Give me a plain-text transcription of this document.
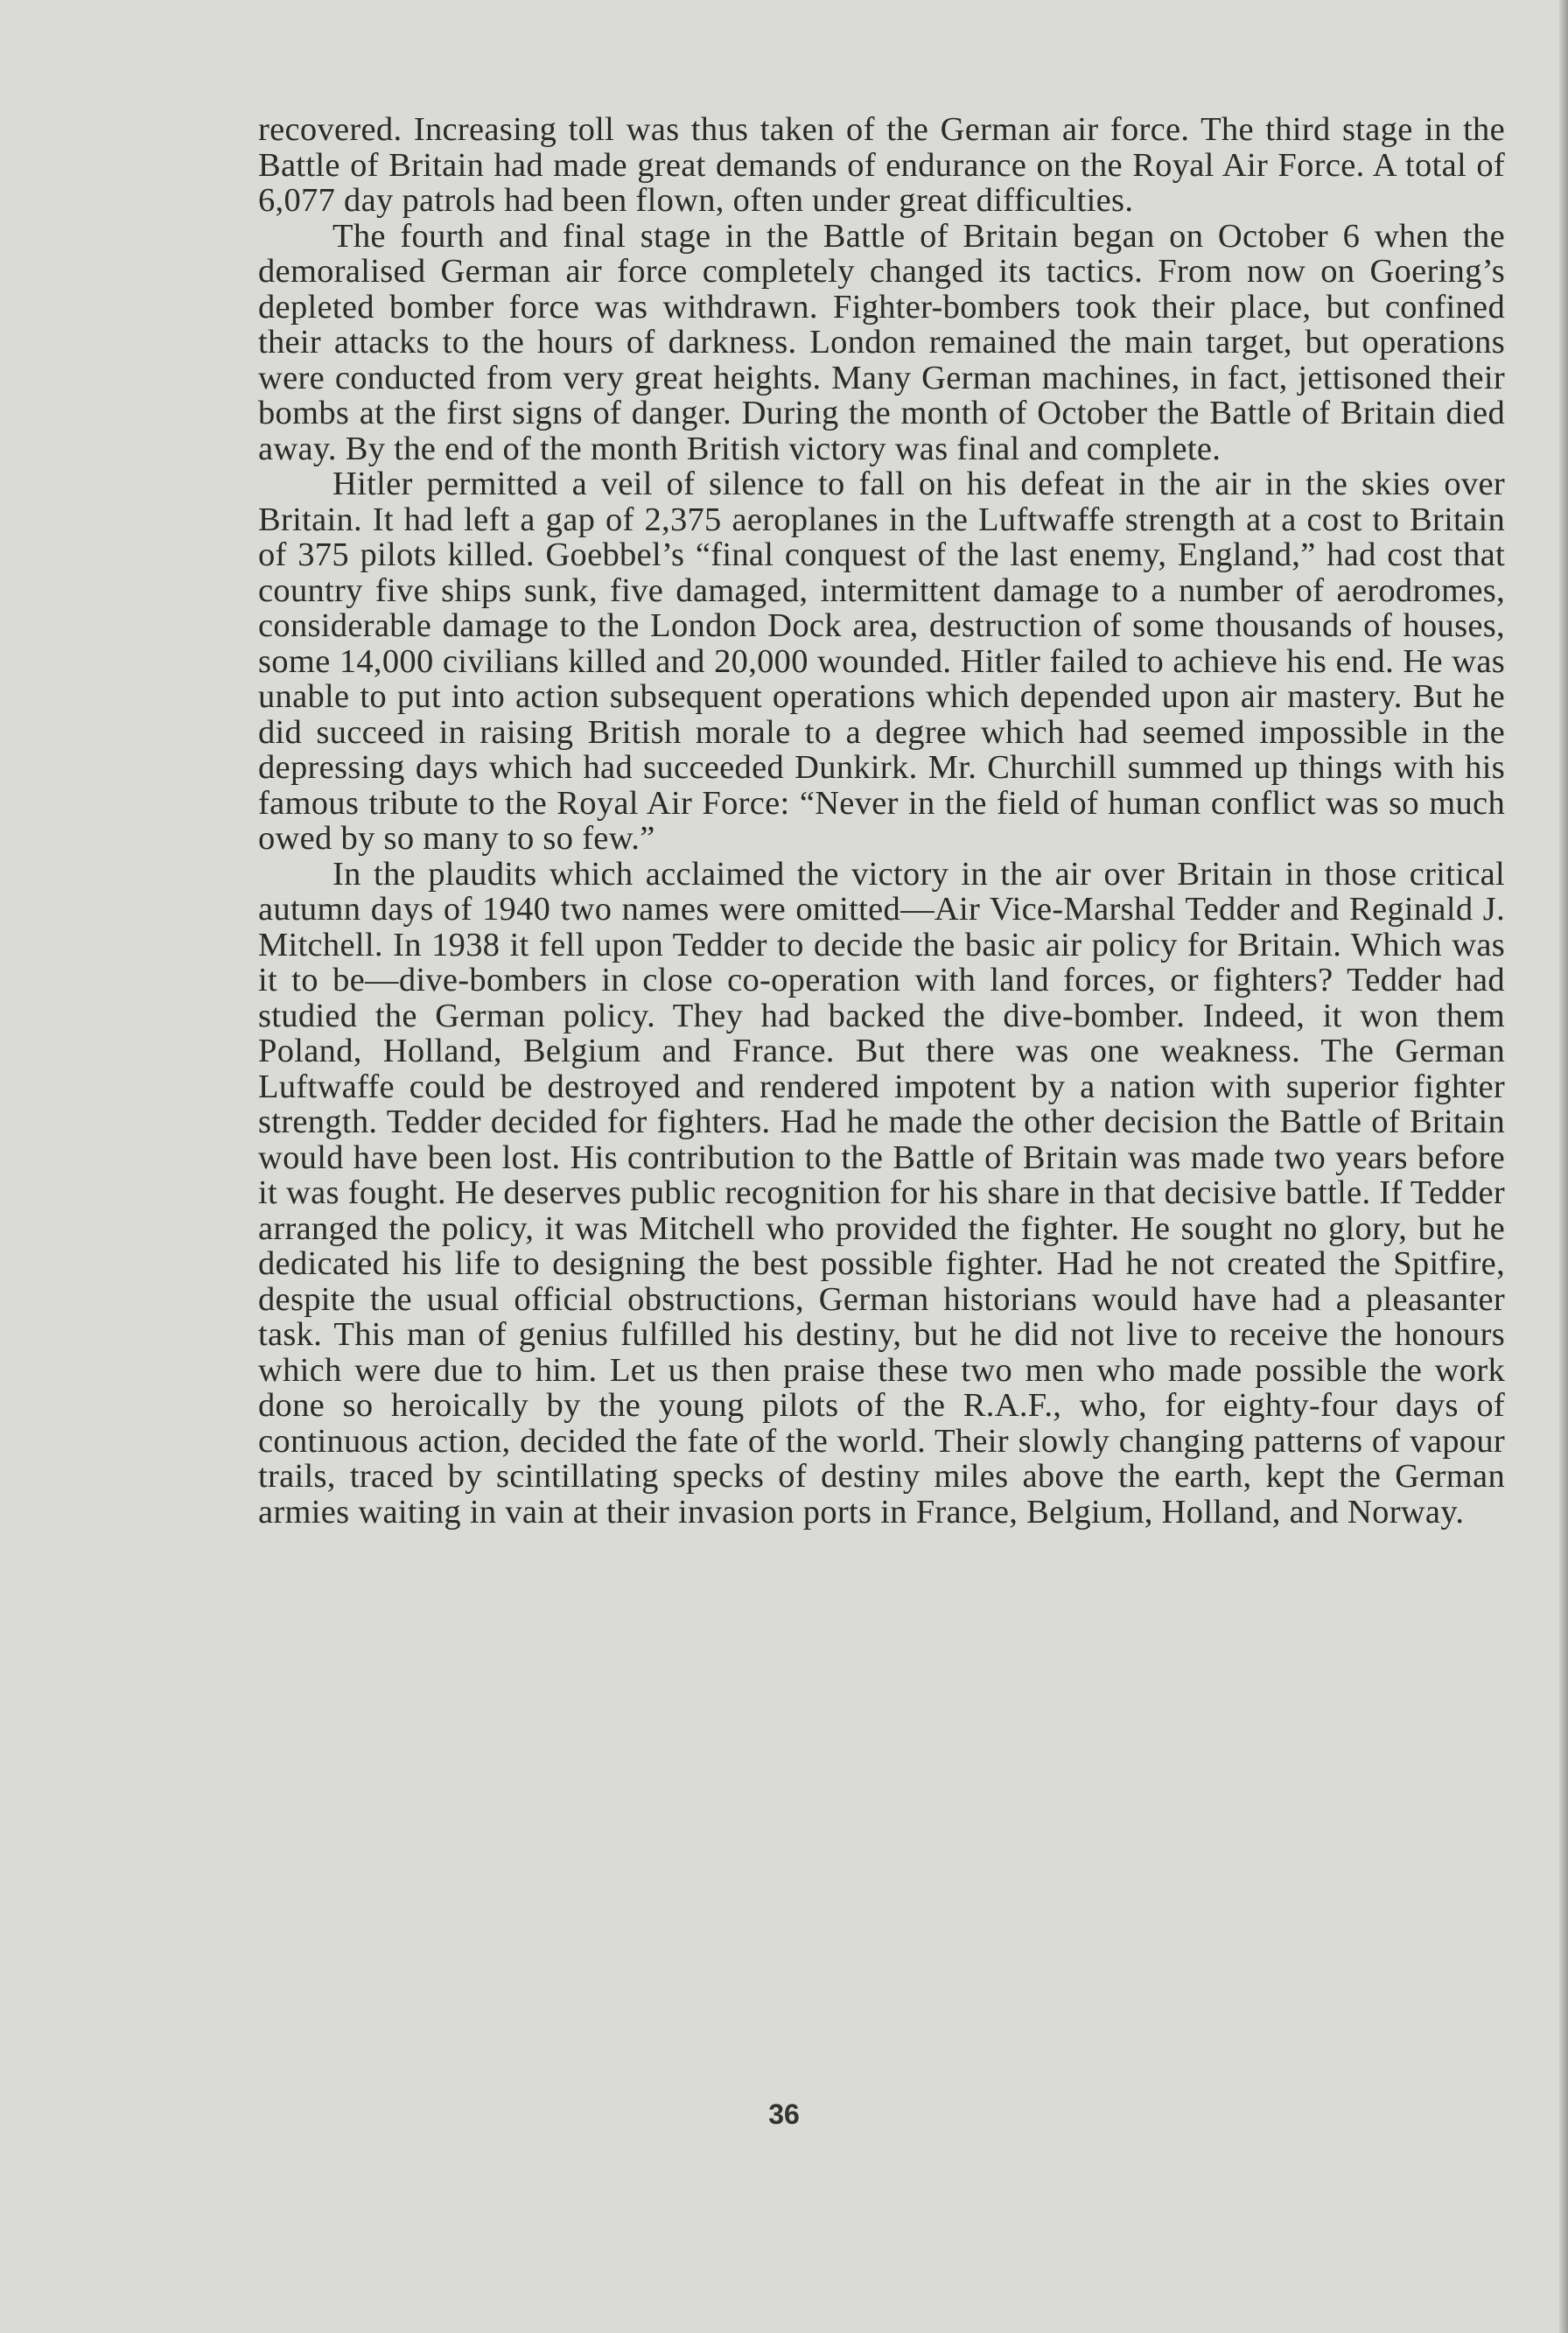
recovered. Increasing toll was thus taken of the German air force. The third stage in the Battle of Britain had made great demands of endurance on the Royal Air Force. A total of 6,077 day patrols had been flown, often under great difficulties.

The fourth and final stage in the Battle of Britain began on October 6 when the demoralised German air force completely changed its tactics. From now on Goering’s depleted bomber force was withdrawn. Fighter-bombers took their place, but confined their attacks to the hours of darkness. London remained the main target, but operations were conducted from very great heights. Many German machines, in fact, jettisoned their bombs at the first signs of danger. During the month of October the Battle of Britain died away. By the end of the month British victory was final and complete.

Hitler permitted a veil of silence to fall on his defeat in the air in the skies over Britain. It had left a gap of 2,375 aeroplanes in the Luftwaffe strength at a cost to Britain of 375 pilots killed. Goebbel’s “final conquest of the last enemy, England,” had cost that country five ships sunk, five damaged, intermittent damage to a number of aerodromes, considerable damage to the London Dock area, destruction of some thousands of houses, some 14,000 civilians killed and 20,000 wounded. Hitler failed to achieve his end. He was unable to put into action subsequent operations which depended upon air mastery. But he did succeed in raising British morale to a degree which had seemed impossible in the depressing days which had succeeded Dunkirk. Mr. Churchill summed up things with his famous tribute to the Royal Air Force: “Never in the field of human conflict was so much owed by so many to so few.”

In the plaudits which acclaimed the victory in the air over Britain in those critical autumn days of 1940 two names were omitted—Air Vice-Marshal Tedder and Reginald J. Mitchell. In 1938 it fell upon Tedder to decide the basic air policy for Britain. Which was it to be—dive-bombers in close co-operation with land forces, or fighters? Tedder had studied the German policy. They had backed the dive-bomber. Indeed, it won them Poland, Holland, Belgium and France. But there was one weakness. The German Luftwaffe could be destroyed and rendered impotent by a nation with superior fighter strength. Tedder decided for fighters. Had he made the other decision the Battle of Britain would have been lost. His contribution to the Battle of Britain was made two years before it was fought. He deserves public recognition for his share in that decisive battle. If Tedder arranged the policy, it was Mitchell who provided the fighter. He sought no glory, but he dedicated his life to designing the best possible fighter. Had he not created the Spitfire, despite the usual official obstructions, German historians would have had a pleasanter task. This man of genius fulfilled his destiny, but he did not live to receive the honours which were due to him. Let us then praise these two men who made possible the work done so heroically by the young pilots of the R.A.F., who, for eighty-four days of continuous action, decided the fate of the world. Their slowly changing patterns of vapour trails, traced by scintillating specks of destiny miles above the earth, kept the German armies waiting in vain at their invasion ports in France, Belgium, Holland, and Norway.

36
